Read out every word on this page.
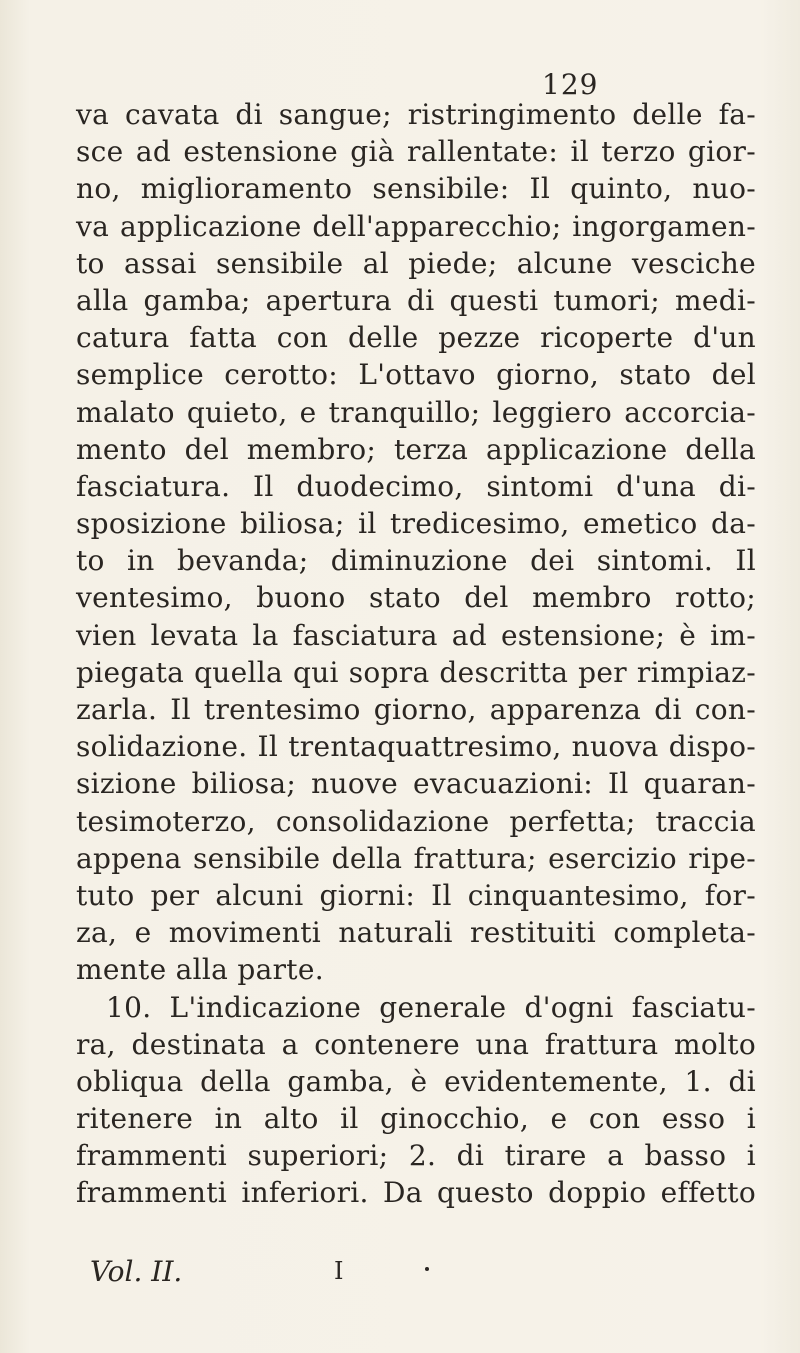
129
va cavata di sangue; ristringimento delle fa-
sce ad estensione già rallentate: il terzo gior-
no, miglioramento sensibile: Il quinto, nuo-
va applicazione dell'apparecchio; ingorgamen-
to assai sensibile al piede; alcune vesciche
alla gamba; apertura di questi tumori; medi-
catura fatta con delle pezze ricoperte d'un
semplice cerotto: L'ottavo giorno, stato del
malato quieto, e tranquillo; leggiero accorcia-
mento del membro; terza applicazione della
fasciatura. Il duodecimo, sintomi d'una di-
sposizione biliosa; il tredicesimo, emetico da-
to in bevanda; diminuzione dei sintomi. Il
ventesimo, buono stato del membro rotto;
vien levata la fasciatura ad estensione; è im-
piegata quella qui sopra descritta per rimpiaz-
zarla. Il trentesimo giorno, apparenza di con-
solidazione. Il trentaquattresimo, nuova dispo-
sizione biliosa; nuove evacuazioni: Il quaran-
tesimoterzo, consolidazione perfetta; traccia
appena sensibile della frattura; esercizio ripe-
tuto per alcuni giorni: Il cinquantesimo, for-
za, e movimenti naturali restituiti completa-
mente alla parte.
10. L'indicazione generale d'ogni fasciatu-
ra, destinata a contenere una frattura molto
obliqua della gamba, è evidentemente, 1. di
ritenere in alto il ginocchio, e con esso i
frammenti superiori; 2. di tirare a basso i
frammenti inferiori. Da questo doppio effetto
Vol. II.	I
